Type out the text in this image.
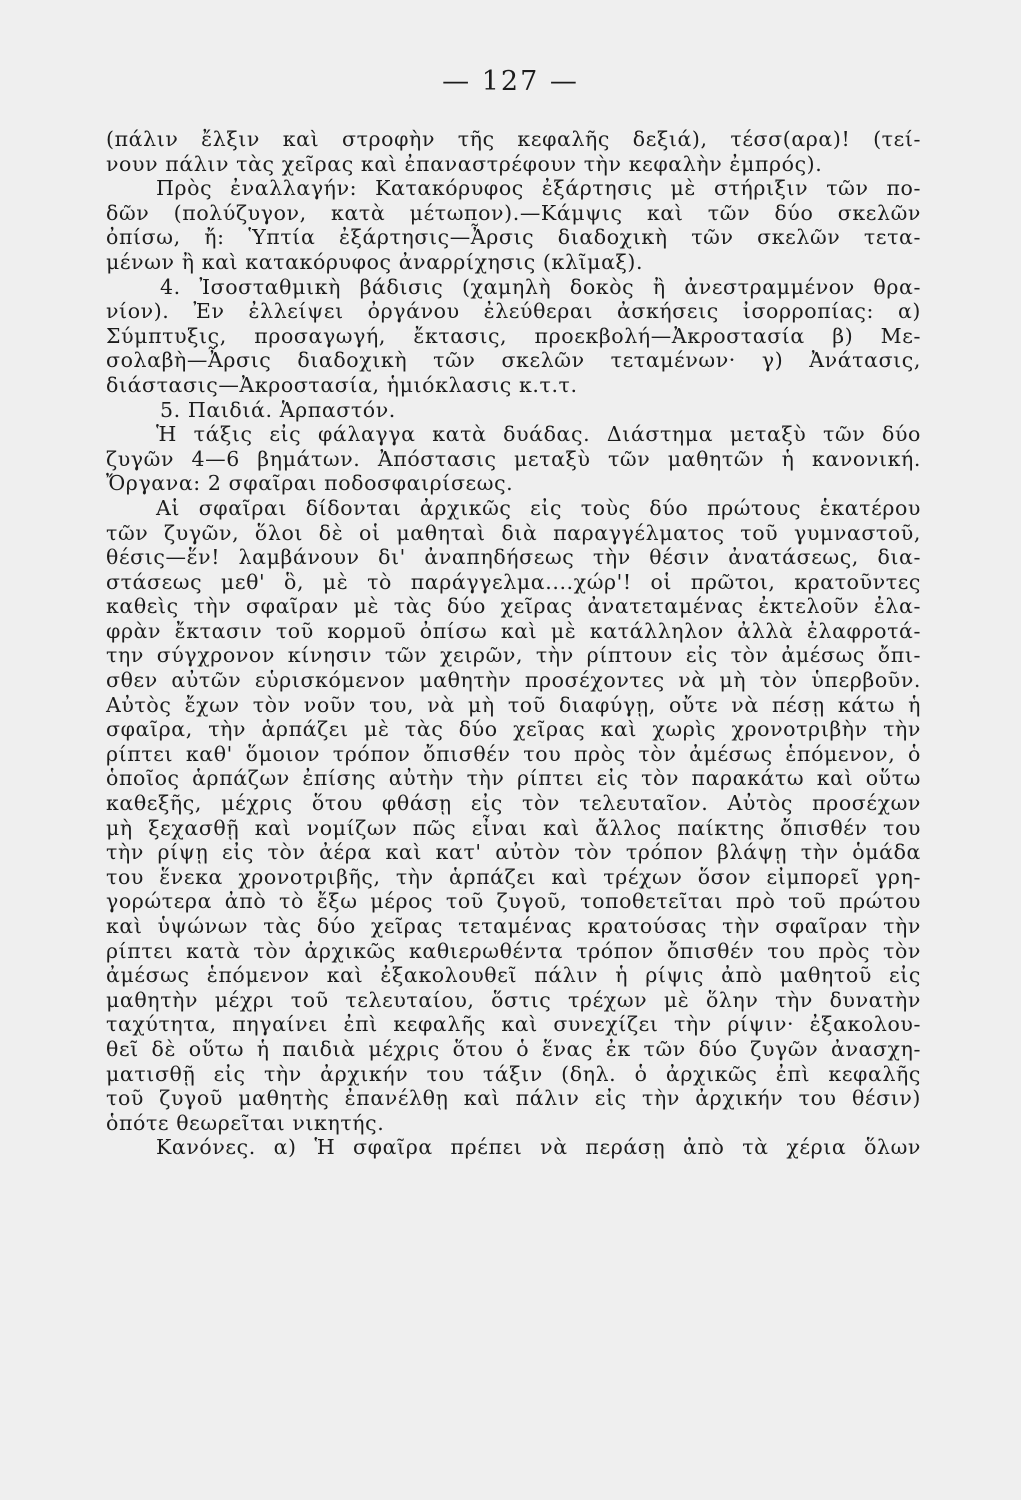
— 127 —
(πάλιν ἔλξιν καὶ στροφὴν τῆς κεφαλῆς δεξιά), τέσσ(αρα)! (τεί-
νουν πάλιν τὰς χεῖρας καὶ ἐπαναστρέφουν τὴν κεφαλὴν ἐμπρός).
Πρὸς ἐναλλαγήν: Κατακόρυφος ἐξάρτησις μὲ στήριξιν τῶν πο-
δῶν (πολύζυγον, κατὰ μέτωπον).—Κάμψις καὶ τῶν δύο σκελῶν
ὀπίσω, ἤ: Ὑπτία ἐξάρτησις—Ἆρσις διαδοχικὴ τῶν σκελῶν τετα-
μένων ἢ καὶ κατακόρυφος ἀναρρίχησις (κλῖμαξ).
4. Ἰσοσταθμικὴ βάδισις (χαμηλὴ δοκὸς ἢ ἀνεστραμμένον θρα-
νίον). Ἐν ἐλλείψει ὀργάνου ἐλεύθεραι ἀσκήσεις ἰσορροπίας: α)
Σύμπτυξις, προσαγωγή, ἔκτασις, προεκβολή—Ἀκροστασία β) Με-
σολαβὴ—Ἆρσις διαδοχικὴ τῶν σκελῶν τεταμένων· γ) Ἀνάτασις,
διάστασις—Ἀκροστασία, ἡμιόκλασις κ.τ.τ.
5. Παιδιά. Ἁρπαστόν.
Ἡ τάξις εἰς φάλαγγα κατὰ δυάδας. Διάστημα μεταξὺ τῶν δύο
ζυγῶν 4—6 βημάτων. Ἀπόστασις μεταξὺ τῶν μαθητῶν ἡ κανονική.
Ὄργανα: 2 σφαῖραι ποδοσφαιρίσεως.
Αἱ σφαῖραι δίδονται ἀρχικῶς εἰς τοὺς δύο πρώτους ἑκατέρου
τῶν ζυγῶν, ὅλοι δὲ οἱ μαθηταὶ διὰ παραγγέλματος τοῦ γυμναστοῦ,
θέσις—ἕν! λαμβάνουν δι' ἀναπηδήσεως τὴν θέσιν ἀνατάσεως, δια-
στάσεως μεθ' ὃ, μὲ τὸ παράγγελμα....χώρ'! οἱ πρῶτοι, κρατοῦντες
καθεὶς τὴν σφαῖραν μὲ τὰς δύο χεῖρας ἀνατεταμένας ἐκτελοῦν ἐλα-
φρὰν ἔκτασιν τοῦ κορμοῦ ὀπίσω καὶ μὲ κατάλληλον ἀλλὰ ἐλαφροτά-
την σύγχρονον κίνησιν τῶν χειρῶν, τὴν ρίπτουν εἰς τὸν ἀμέσως ὄπι-
σθεν αὐτῶν εὑρισκόμενον μαθητὴν προσέχοντες νὰ μὴ τὸν ὑπερβοῦν.
Αὐτὸς ἔχων τὸν νοῦν του, νὰ μὴ τοῦ διαφύγῃ, οὔτε νὰ πέσῃ κάτω ἡ
σφαῖρα, τὴν ἁρπάζει μὲ τὰς δύο χεῖρας καὶ χωρὶς χρονοτριβὴν τὴν
ρίπτει καθ' ὅμοιον τρόπον ὄπισθέν του πρὸς τὸν ἀμέσως ἑπόμενον, ὁ
ὁποῖος ἁρπάζων ἐπίσης αὐτὴν τὴν ρίπτει εἰς τὸν παρακάτω καὶ οὕτω
καθεξῆς, μέχρις ὅτου φθάσῃ εἰς τὸν τελευταῖον. Αὐτὸς προσέχων
μὴ ξεχασθῇ καὶ νομίζων πῶς εἶναι καὶ ἄλλος παίκτης ὄπισθέν του
τὴν ρίψῃ εἰς τὸν ἀέρα καὶ κατ' αὐτὸν τὸν τρόπον βλάψῃ τὴν ὁμάδα
του ἕνεκα χρονοτριβῆς, τὴν ἁρπάζει καὶ τρέχων ὅσον εἰμπορεῖ γρη-
γορώτερα ἀπὸ τὸ ἔξω μέρος τοῦ ζυγοῦ, τοποθετεῖται πρὸ τοῦ πρώτου
καὶ ὑψώνων τὰς δύο χεῖρας τεταμένας κρατούσας τὴν σφαῖραν τὴν
ρίπτει κατὰ τὸν ἀρχικῶς καθιερωθέντα τρόπον ὄπισθέν του πρὸς τὸν
ἀμέσως ἑπόμενον καὶ ἐξακολουθεῖ πάλιν ἡ ρίψις ἀπὸ μαθητοῦ εἰς
μαθητὴν μέχρι τοῦ τελευταίου, ὅστις τρέχων μὲ ὅλην τὴν δυνατὴν
ταχύτητα, πηγαίνει ἐπὶ κεφαλῆς καὶ συνεχίζει τὴν ρίψιν· ἐξακολου-
θεῖ δὲ οὕτω ἡ παιδιὰ μέχρις ὅτου ὁ ἕνας ἐκ τῶν δύο ζυγῶν ἀνασχη-
ματισθῇ εἰς τὴν ἀρχικήν του τάξιν (δηλ. ὁ ἀρχικῶς ἐπὶ κεφαλῆς
τοῦ ζυγοῦ μαθητὴς ἐπανέλθῃ καὶ πάλιν εἰς τὴν ἀρχικήν του θέσιν)
ὁπότε θεωρεῖται νικητής.
Κανόνες. α) Ἡ σφαῖρα πρέπει νὰ περάσῃ ἀπὸ τὰ χέρια ὅλων
